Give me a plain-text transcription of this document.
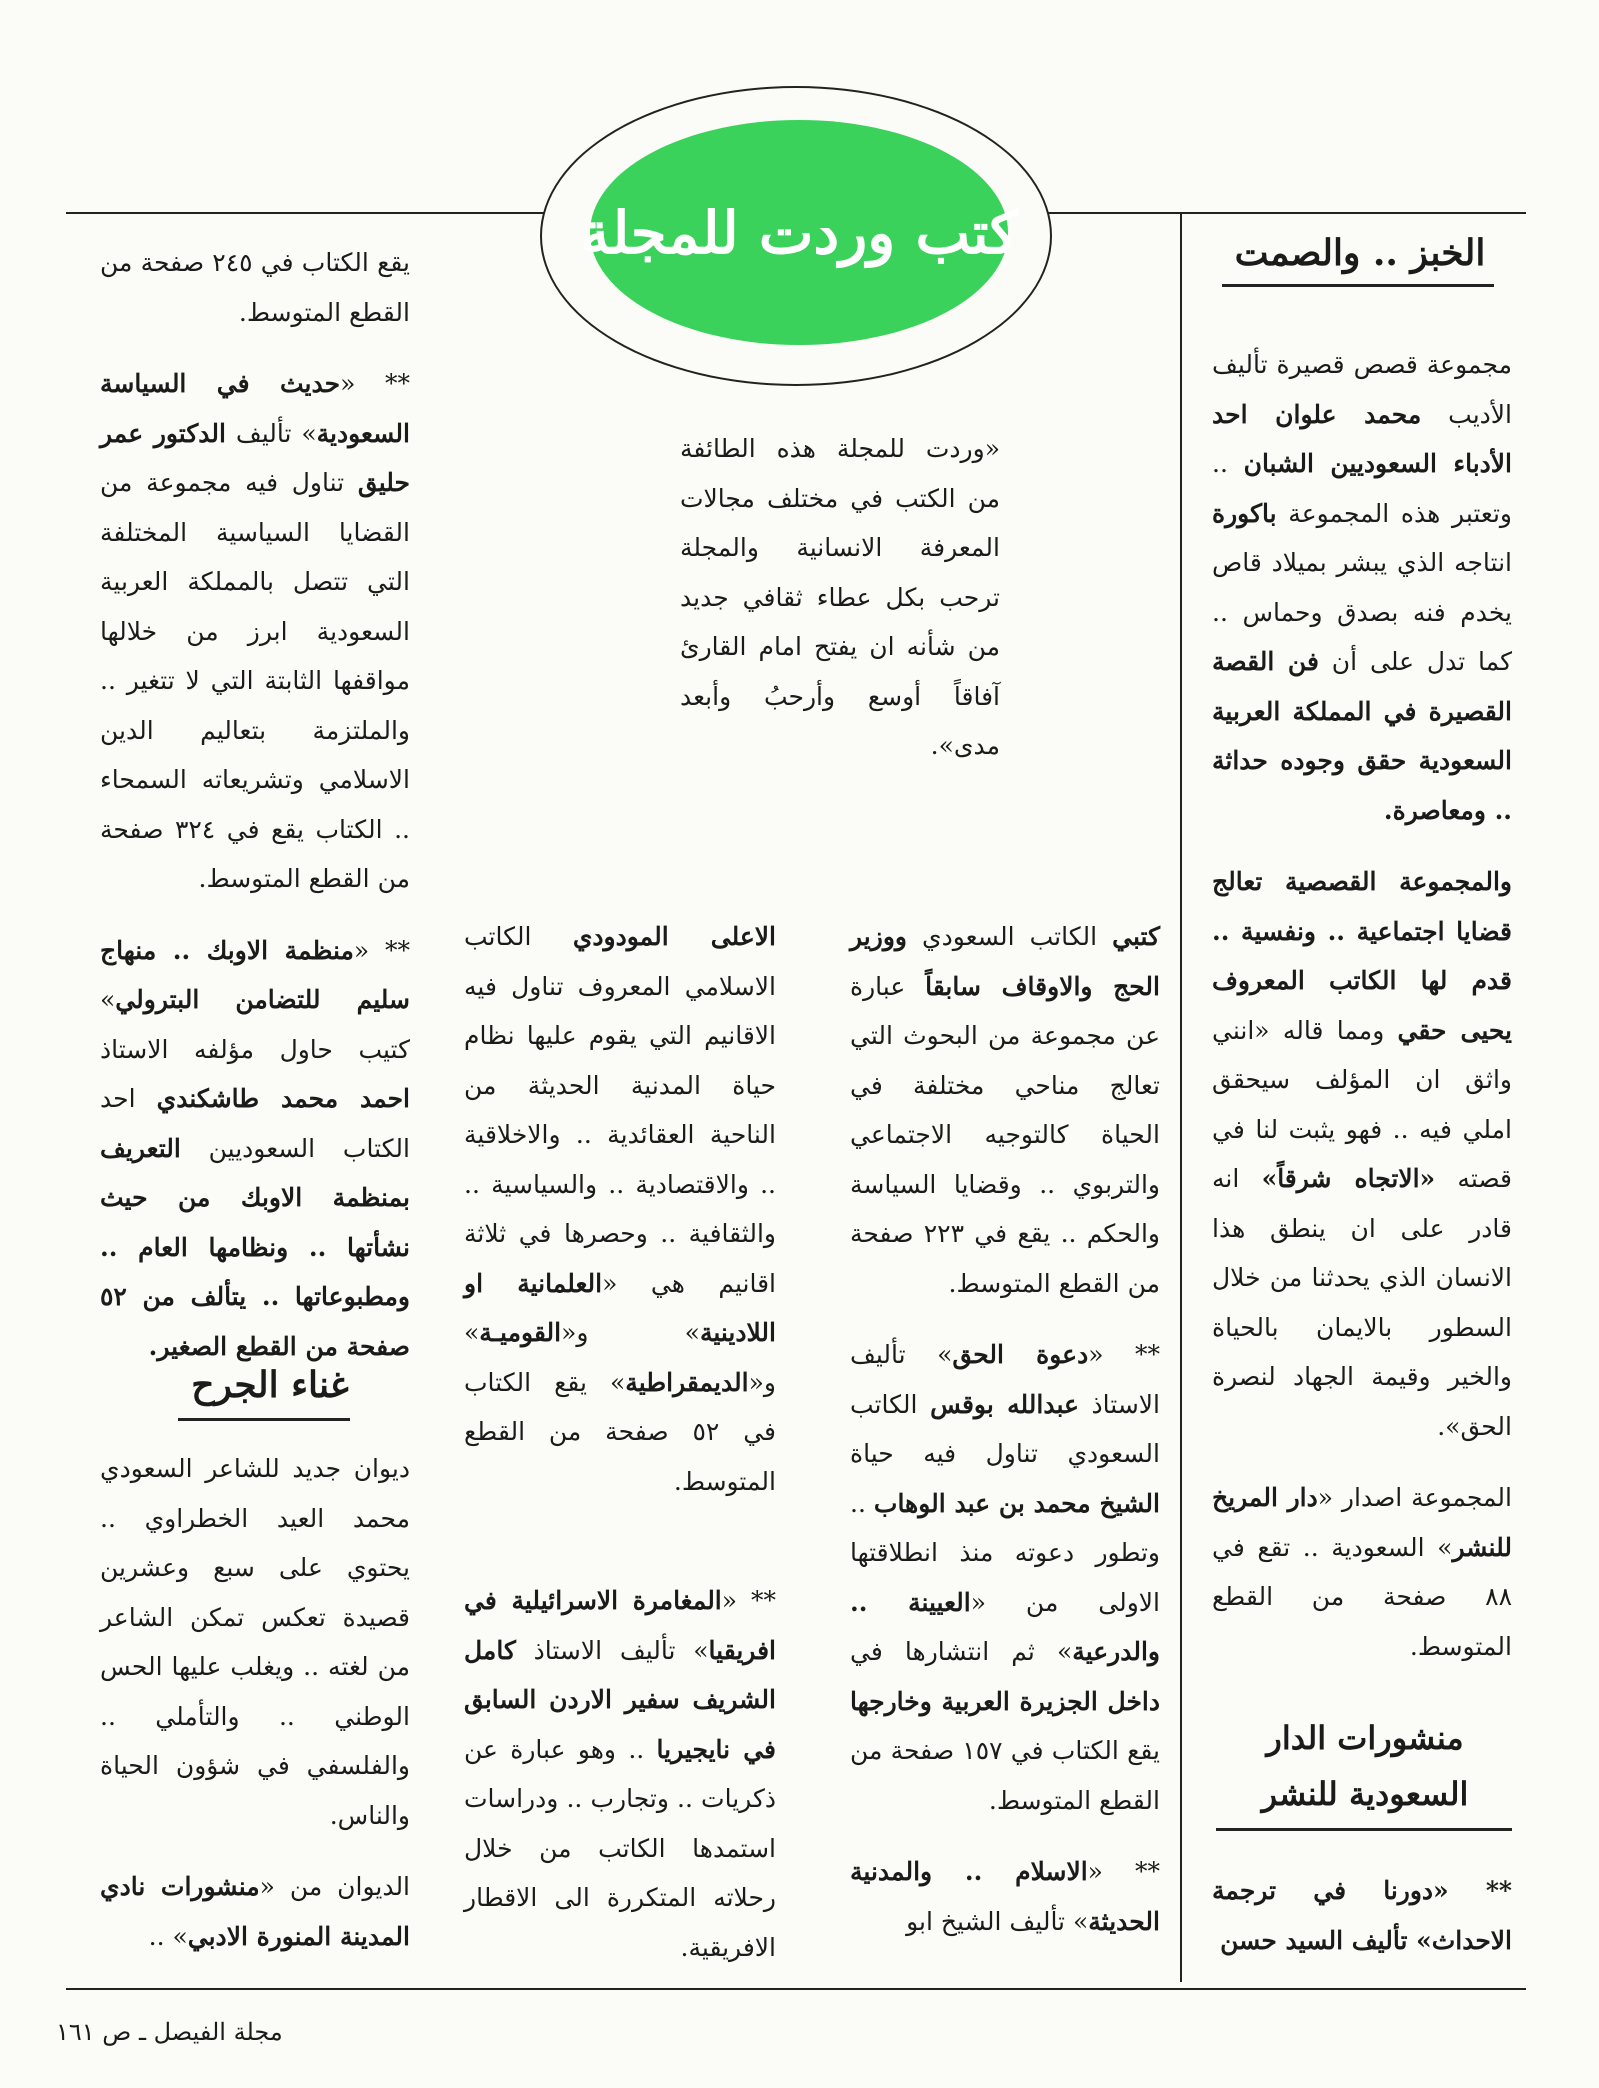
كتب وردت للمجلة	الخبز .. والصمت

مجموعة قصص قصيرة تأليف الأديب محمد علوان احد الأدباء السعوديين الشبان .. وتعتبر هذه المجموعة باكورة انتاجه الذي يبشر بميلاد قاص يخدم فنه بصدق وحماس .. كما تدل على أن فن القصة القصيرة في المملكة العربية السعودية حقق وجوده حداثة .. ومعاصرة.

والمجموعة القصصية تعالج قضايا اجتماعية .. ونفسية .. قدم لها الكاتب المعروف يحيى حقي ومما قاله «انني واثق ان المؤلف سيحقق املي فيه .. فهو يثبت لنا في قصته «الاتجاه شرقاً» انه قادر على ان ينطق هذا الانسان الذي يحدثنا من خلال السطور بالايمان بالحياة والخير وقيمة الجهاد لنصرة الحق».

المجموعة اصدار «دار المريخ للنشر» السعودية .. تقع في ٨٨ صفحة من القطع المتوسط.

منشورات الدار السعودية للنشر

** «دورنا في ترجمة الاحداث» تأليف السيد حسن

«وردت للمجلة هذه الطائفة من الكتب في مختلف مجالات المعرفة الانسانية والمجلة ترحب بكل عطاء ثقافي جديد من شأنه ان يفتح امام القارئ آفاقاً أوسع وأرحبُ وأبعد مدى».

كتبي الكاتب السعودي ووزير الحج والاوقاف سابقاً عبارة عن مجموعة من البحوث التي تعالج مناحي مختلفة في الحياة كالتوجيه الاجتماعي والتربوي .. وقضايا السياسة والحكم .. يقع في ٢٢٣ صفحة من القطع المتوسط.

** «دعوة الحق» تأليف الاستاذ عبدالله بوقس الكاتب السعودي تناول فيه حياة الشيخ محمد بن عبد الوهاب .. وتطور دعوته منذ انطلاقتها الاولى من «العيينة .. والدرعية» ثم انتشارها في داخل الجزيرة العربية وخارجها يقع الكتاب في ١٥٧ صفحة من القطع المتوسط.

** «الاسلام .. والمدنية الحديثة» تأليف الشيخ ابو

الاعلى المودودي الكاتب الاسلامي المعروف تناول فيه الاقانيم التي يقوم عليها نظام حياة المدنية الحديثة من الناحية العقائدية .. والاخلاقية .. والاقتصادية .. والسياسية .. والثقافية .. وحصرها في ثلاثة اقانيم هي «العلمانية او اللادينية» و«القوميـة» و«الديمقراطية» يقع الكتاب في ٥٢ صفحة من القطع المتوسط.

** «المغامرة الاسرائيلية في افريقيا» تأليف الاستاذ كامل الشريف سفير الاردن السابق في نايجيريا .. وهو عبارة عن ذكريات .. وتجارب .. ودراسات استمدها الكاتب من خلال رحلاته المتكررة الى الاقطار الافريقية.

يقع الكتاب في ٢٤٥ صفحة من القطع المتوسط.

** «حديث في السياسة السعودية» تأليف الدكتور عمر حليق تناول فيه مجموعة من القضايا السياسية المختلفة التي تتصل بالمملكة العربية السعودية ابرز من خلالها مواقفها الثابتة التي لا تتغير .. والملتزمة بتعاليم الدين الاسلامي وتشريعاته السمحاء .. الكتاب يقع في ٣٢٤ صفحة من القطع المتوسط.

** «منظمة الاوبك .. منهاج سليم للتضامن البترولي» كتيب حاول مؤلفه الاستاذ احمد محمد طاشكندي احد الكتاب السعوديين التعريف بمنظمة الاوبك من حيث نشأتها .. ونظامها العام .. ومطبوعاتها .. يتألف من ٥٢ صفحة من القطع الصغير.

غناء الجرح

ديوان جديد للشاعر السعودي محمد العيد الخطراوي .. يحتوي على سبع وعشرين قصيدة تعكس تمكن الشاعر من لغته .. ويغلب عليها الحس الوطني .. والتأملي .. والفلسفي في شؤون الحياة والناس.

الديوان من «منشورات نادي المدينة المنورة الادبي» ..

مجلة الفيصل ـ ص ١٦١
